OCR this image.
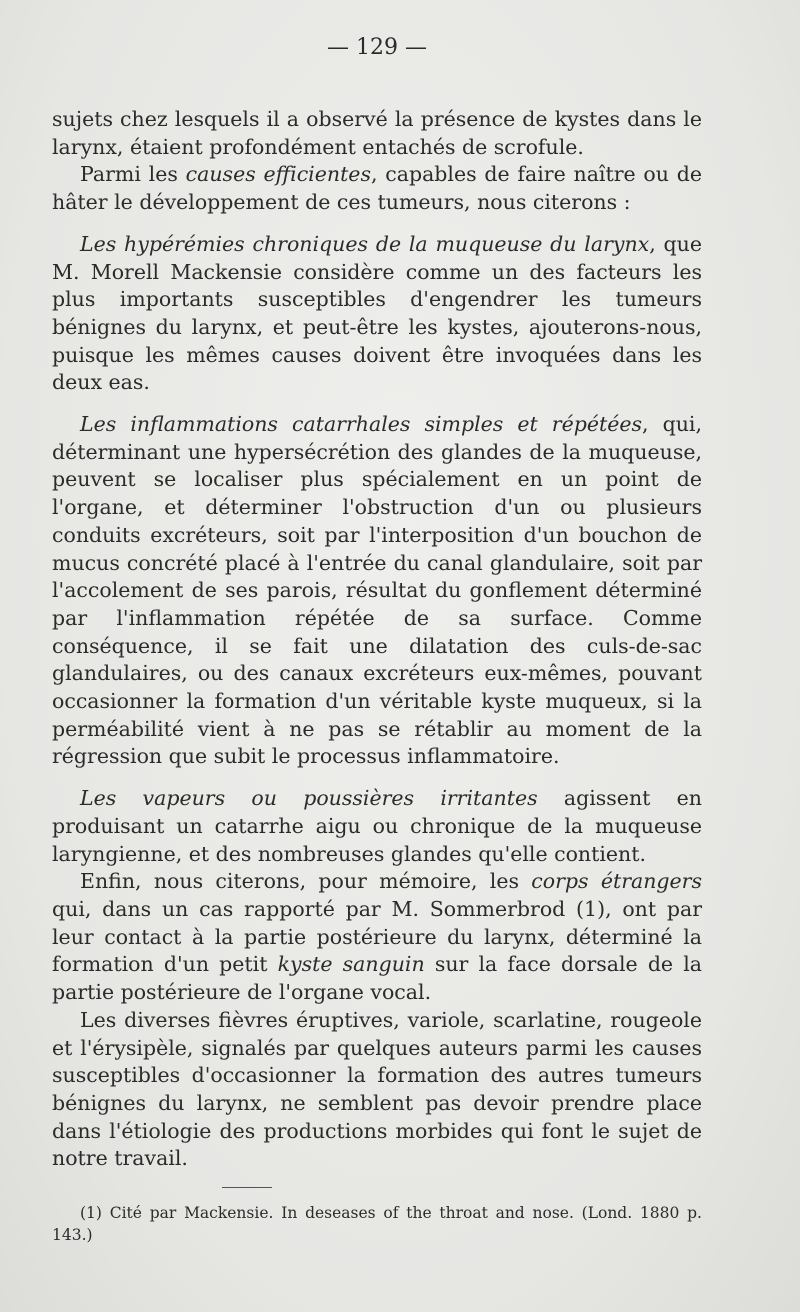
— 129 —

sujets chez lesquels il a observé la présence de kystes dans le larynx, étaient profondément entachés de scrofule.

Parmi les causes efficientes, capables de faire naître ou de hâter le développement de ces tumeurs, nous citerons :

Les hypérémies chroniques de la muqueuse du larynx, que M. Morell Mackensie considère comme un des facteurs les plus importants susceptibles d'engendrer les tumeurs bénignes du larynx, et peut-être les kystes, ajouterons-nous, puisque les mêmes causes doivent être invoquées dans les deux eas.

Les inflammations catarrhales simples et répétées, qui, déterminant une hypersécrétion des glandes de la muqueuse, peuvent se localiser plus spécialement en un point de l'organe, et déterminer l'obstruction d'un ou plusieurs conduits excréteurs, soit par l'interposition d'un bouchon de mucus concrété placé à l'entrée du canal glandulaire, soit par l'accolement de ses parois, résultat du gonflement déterminé par l'inflammation répétée de sa surface. Comme conséquence, il se fait une dilatation des culs-de-sac glandulaires, ou des canaux excréteurs eux-mêmes, pouvant occasionner la formation d'un véritable kyste muqueux, si la perméabilité vient à ne pas se rétablir au moment de la régression que subit le processus inflammatoire.

Les vapeurs ou poussières irritantes agissent en produisant un catarrhe aigu ou chronique de la muqueuse laryngienne, et des nombreuses glandes qu'elle contient.

Enfin, nous citerons, pour mémoire, les corps étrangers qui, dans un cas rapporté par M. Sommerbrod (1), ont par leur contact à la partie postérieure du larynx, déterminé la formation d'un petit kyste sanguin sur la face dorsale de la partie postérieure de l'organe vocal.

Les diverses fièvres éruptives, variole, scarlatine, rougeole et l'érysipèle, signalés par quelques auteurs parmi les causes susceptibles d'occasionner la formation des autres tumeurs bénignes du larynx, ne semblent pas devoir prendre place dans l'étiologie des productions morbides qui font le sujet de notre travail.

(1) Cité par Mackensie. In deseases of the throat and nose. (Lond. 1880 p. 143.)
